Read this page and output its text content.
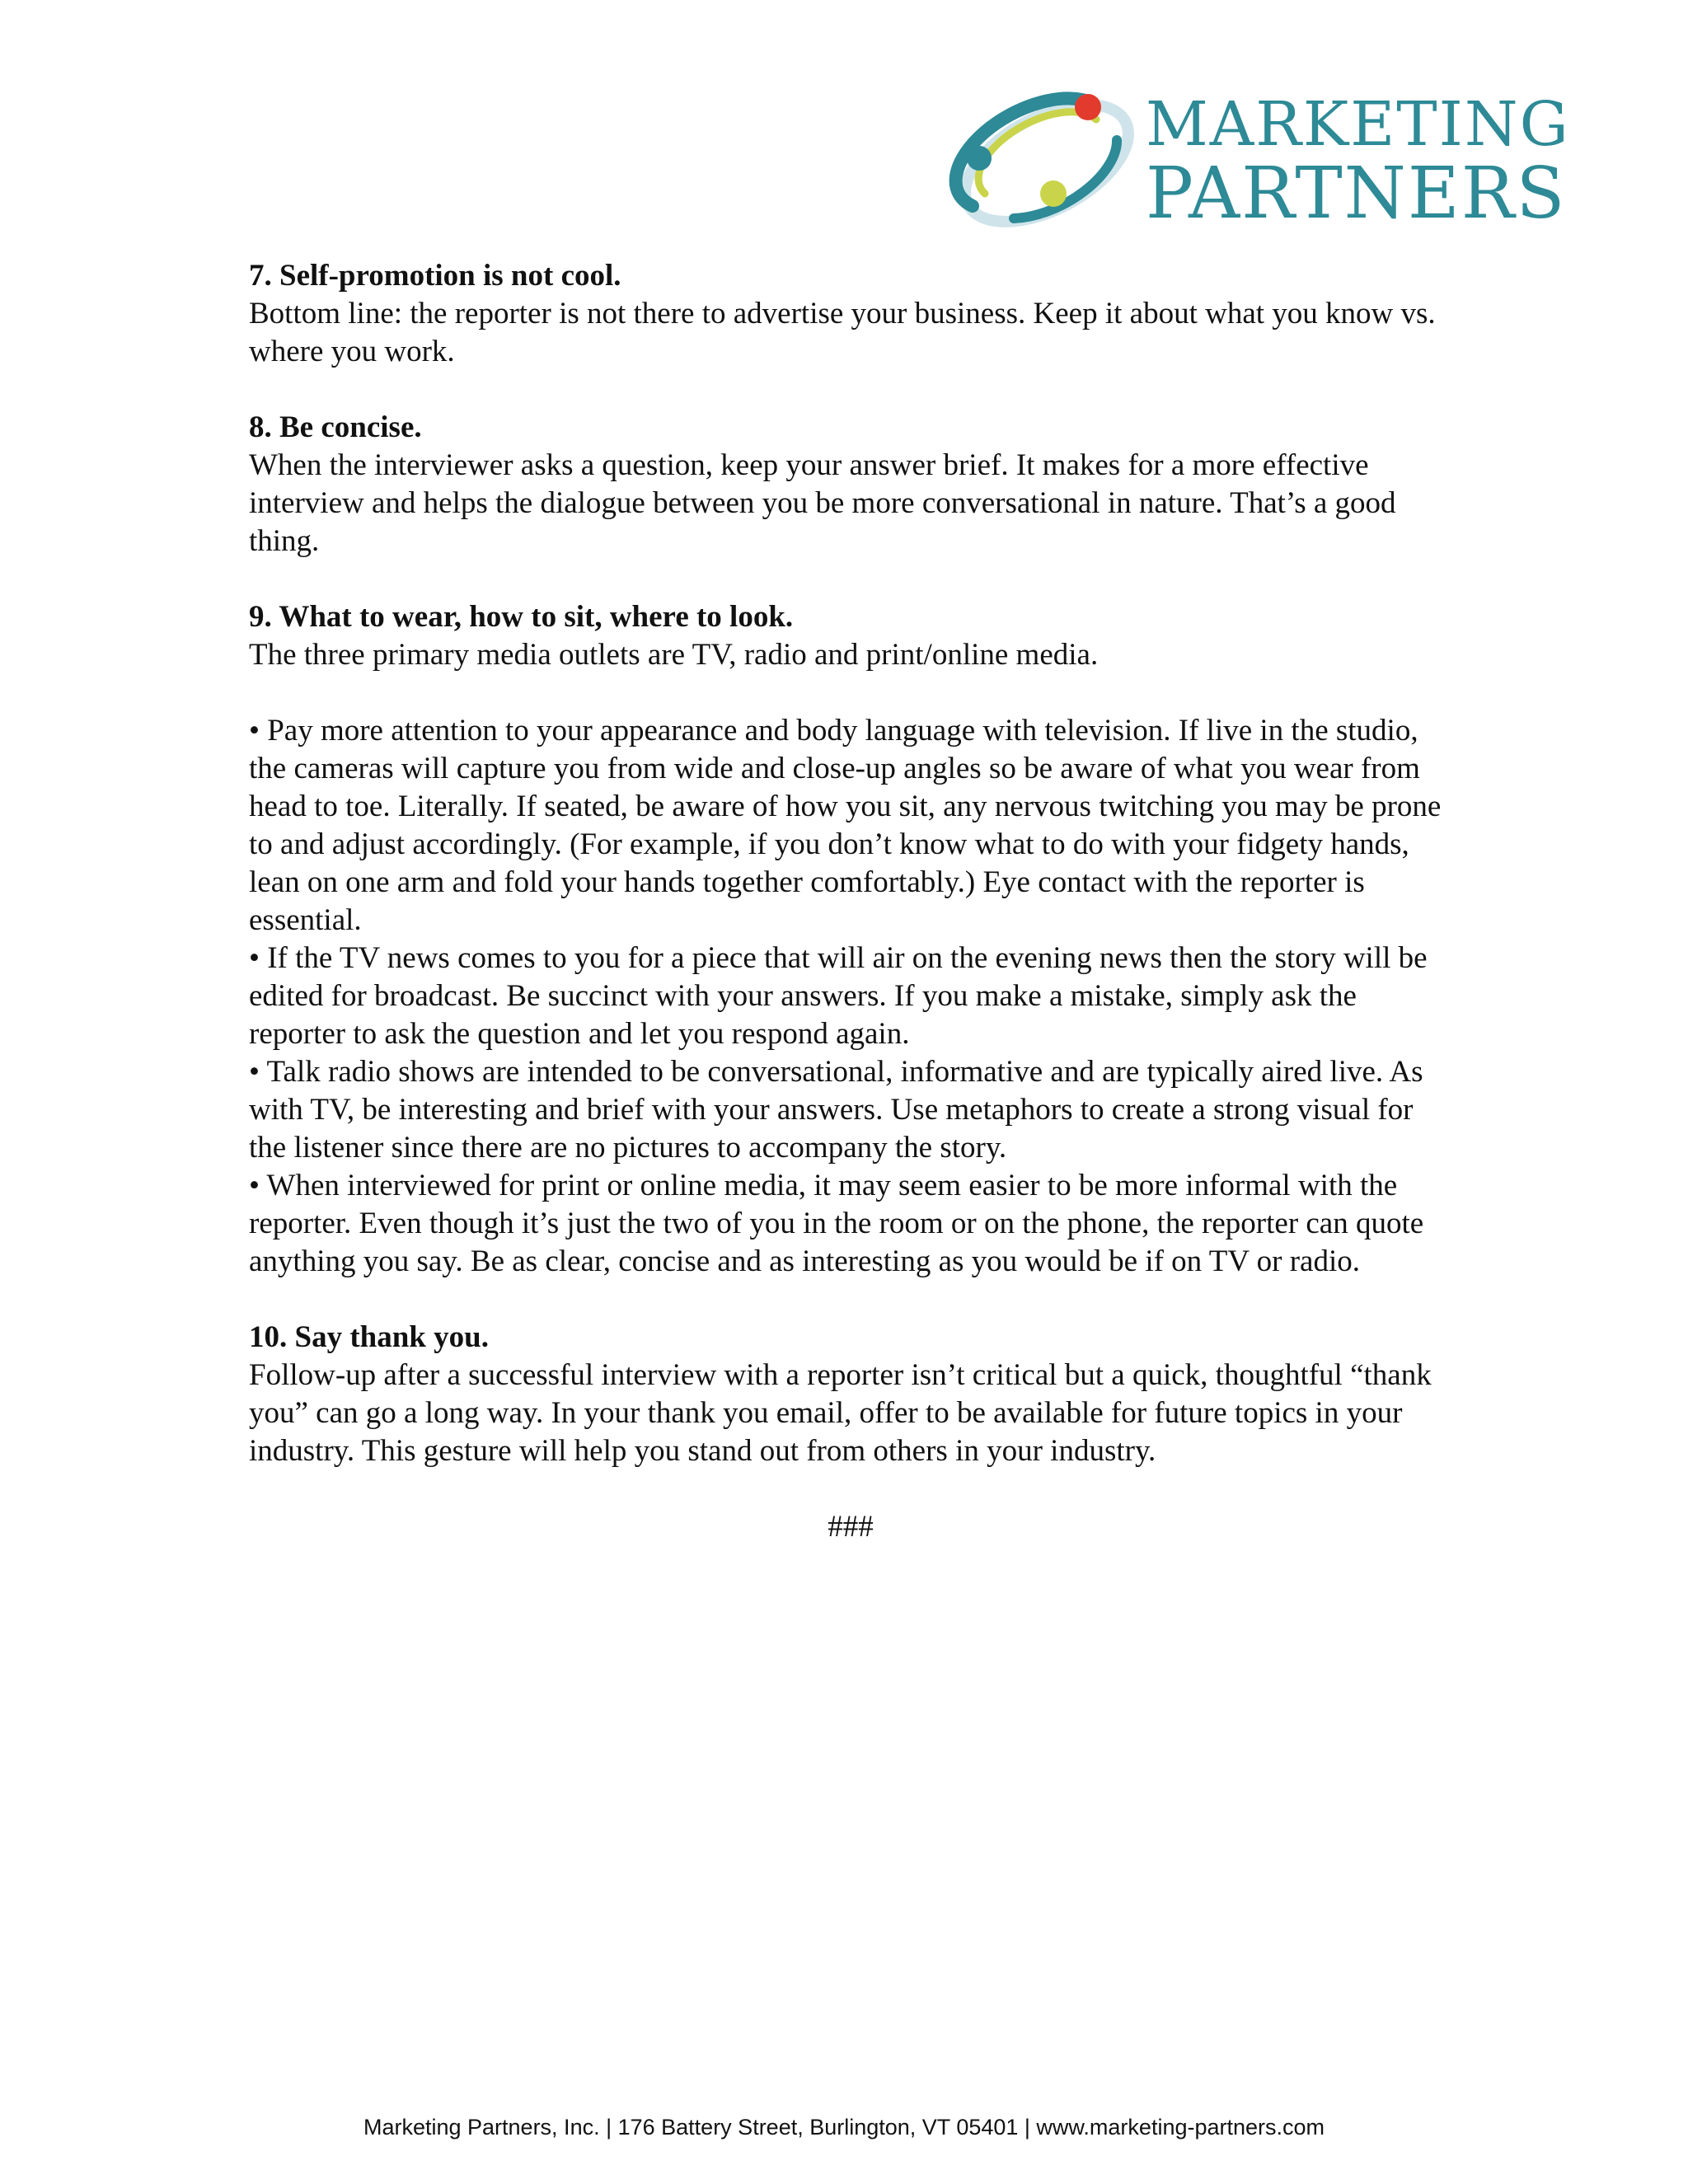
MARKETING
PARTNERS

7. Self-promotion is not cool.

Bottom line: the reporter is not there to advertise your business. Keep it about what you know vs. where you work.

8. Be concise.

When the interviewer asks a question, keep your answer brief. It makes for a more effective interview and helps the dialogue between you be more conversational in nature. That’s a good thing.

9. What to wear, how to sit, where to look.

The three primary media outlets are TV, radio and print/online media.

• Pay more attention to your appearance and body language with television. If live in the studio, the cameras will capture you from wide and close-up angles so be aware of what you wear from head to toe. Literally. If seated, be aware of how you sit, any nervous twitching you may be prone to and adjust accordingly. (For example, if you don’t know what to do with your fidgety hands, lean on one arm and fold your hands together comfortably.) Eye contact with the reporter is essential.

• If the TV news comes to you for a piece that will air on the evening news then the story will be edited for broadcast. Be succinct with your answers. If you make a mistake, simply ask the reporter to ask the question and let you respond again.

• Talk radio shows are intended to be conversational, informative and are typically aired live. As with TV, be interesting and brief with your answers. Use metaphors to create a strong visual for the listener since there are no pictures to accompany the story.

• When interviewed for print or online media, it may seem easier to be more informal with the reporter. Even though it’s just the two of you in the room or on the phone, the reporter can quote anything you say. Be as clear, concise and as interesting as you would be if on TV or radio.

10. Say thank you.

Follow-up after a successful interview with a reporter isn’t critical but a quick, thoughtful “thank you” can go a long way. In your thank you email, offer to be available for future topics in your industry. This gesture will help you stand out from others in your industry.

###

Marketing Partners, Inc. | 176 Battery Street, Burlington, VT 05401 | www.marketing-partners.com
